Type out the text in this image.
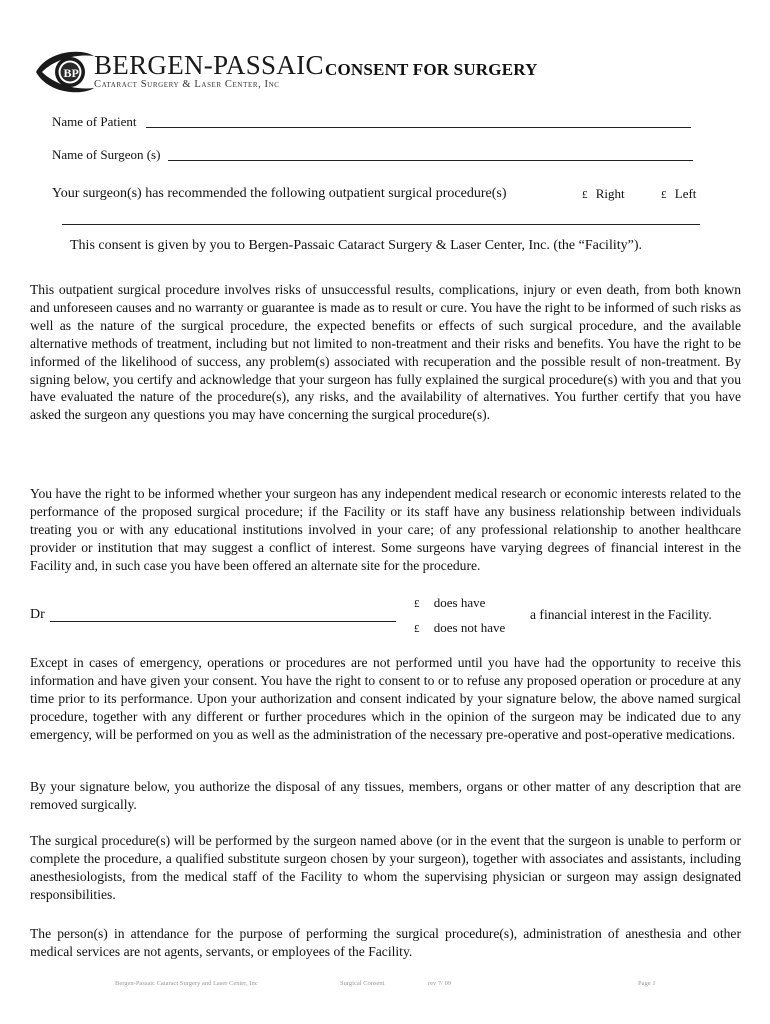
BP BERGEN-PASSAIC
Cataract Surgery & Laser Center, Inc
CONSENT FOR SURGERY
Name of Patient
Name of Surgeon (s)
Your surgeon(s) has recommended the following outpatient surgical procedure(s)	£ Right	£ Left
This consent is given by you to Bergen-Passaic Cataract Surgery & Laser Center, Inc. (the “Facility”).
This outpatient surgical procedure involves risks of unsuccessful results, complications, injury or even death, from both known and unforeseen causes and no warranty or guarantee is made as to result or cure. You have the right to be informed of such risks as well as the nature of the surgical procedure, the expected benefits or effects of such surgical procedure, and the available alternative methods of treatment, including but not limited to non-treatment and their risks and benefits. You have the right to be informed of the likelihood of success, any problem(s) associated with recuperation and the possible result of non-treatment. By signing below, you certify and acknowledge that your surgeon has fully explained the surgical procedure(s) with you and that you have evaluated the nature of the procedure(s), any risks, and the availability of alternatives. You further certify that you have asked the surgeon any questions you may have concerning the surgical procedure(s).
You have the right to be informed whether your surgeon has any independent medical research or economic interests related to the performance of the proposed surgical procedure; if the Facility or its staff have any business relationship between individuals treating you or with any educational institutions involved in your care; of any professional relationship to another healthcare provider or institution that may suggest a conflict of interest. Some surgeons have varying degrees of financial interest in the Facility and, in such case you have been offered an alternate site for the procedure.
Dr
£ does have
£ does not have
a financial interest in the Facility.
Except in cases of emergency, operations or procedures are not performed until you have had the opportunity to receive this information and have given your consent. You have the right to consent to or to refuse any proposed operation or procedure at any time prior to its performance. Upon your authorization and consent indicated by your signature below, the above named surgical procedure, together with any different or further procedures which in the opinion of the surgeon may be indicated due to any emergency, will be performed on you as well as the administration of the necessary pre-operative and post-operative medications.
By your signature below, you authorize the disposal of any tissues, members, organs or other matter of any description that are removed surgically.
The surgical procedure(s) will be performed by the surgeon named above (or in the event that the surgeon is unable to perform or complete the procedure, a qualified substitute surgeon chosen by your surgeon), together with associates and assistants, including anesthesiologists, from the medical staff of the Facility to whom the supervising physician or surgeon may assign designated responsibilities.
The person(s) in attendance for the purpose of performing the surgical procedure(s), administration of anesthesia and other medical services are not agents, servants, or employees of the Facility.
Bergen-Passaic Cataract Surgery and Laser Center, Inc	Surgical Consent	rev 7/ 09	Page 1
